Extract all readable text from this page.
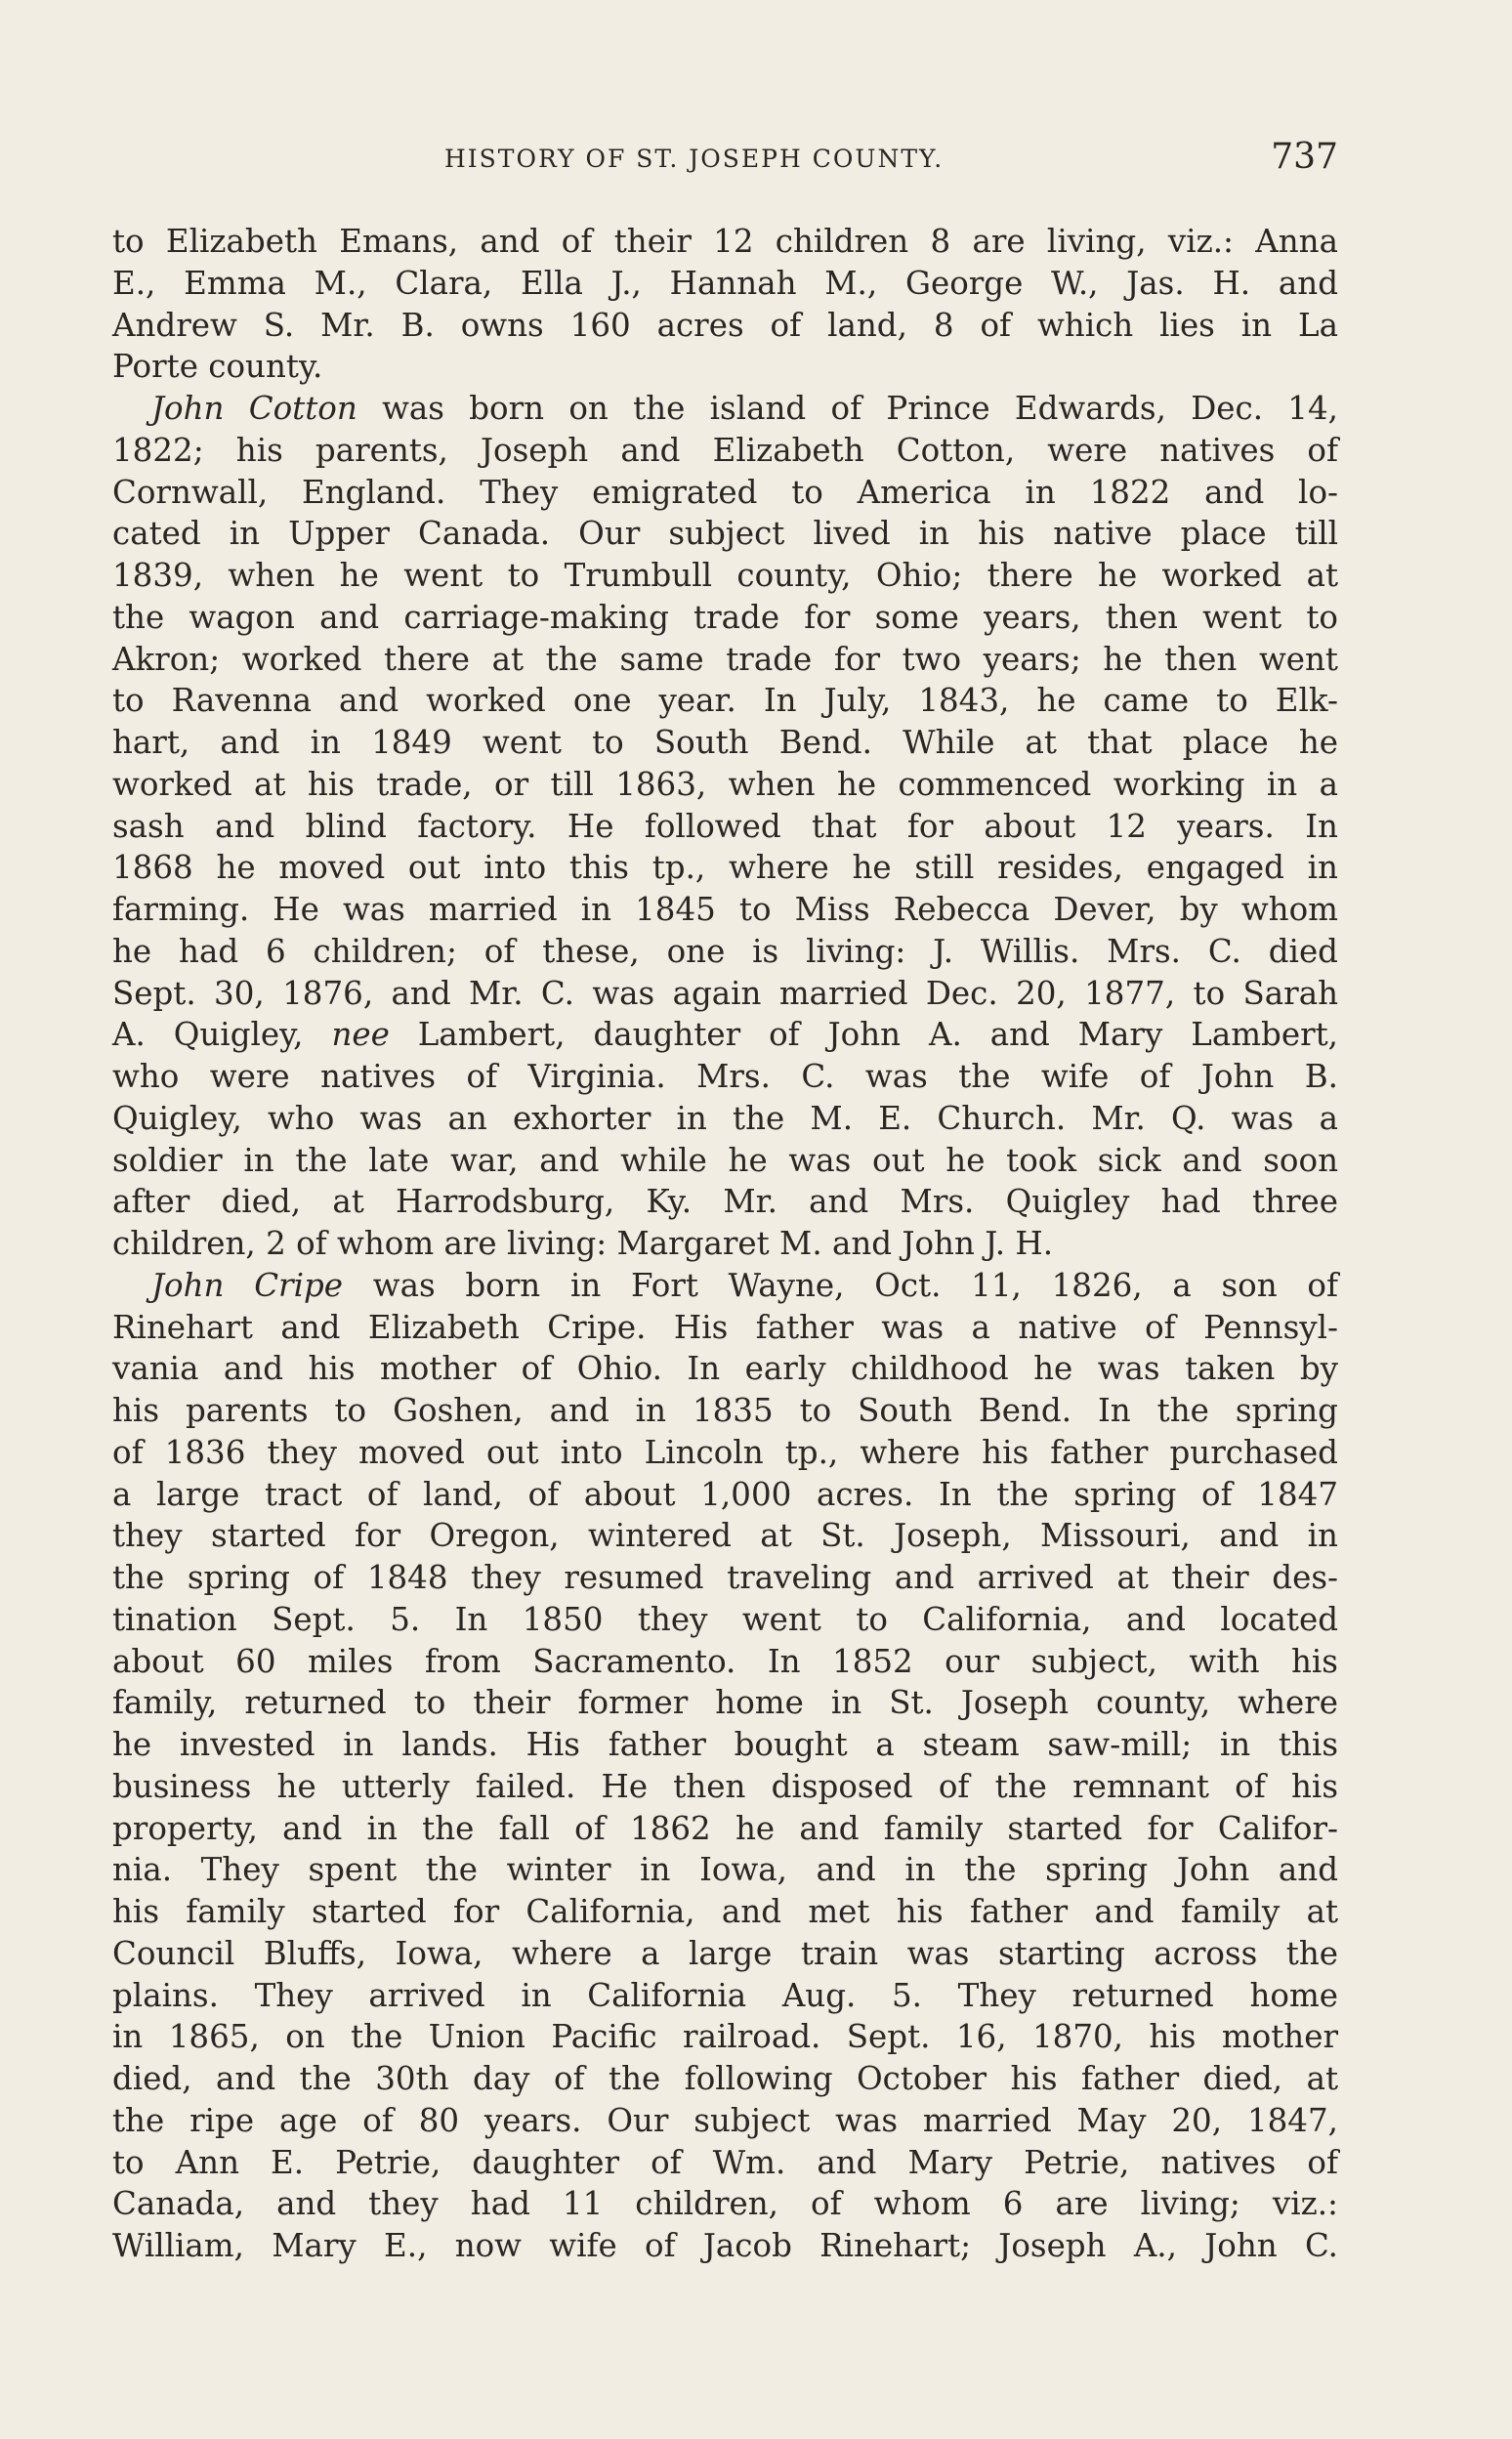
HISTORY OF ST. JOSEPH COUNTY.	737
to Elizabeth Emans, and of their 12 children 8 are living, viz.: Anna
E., Emma M., Clara, Ella J., Hannah M., George W., Jas. H. and
Andrew S. Mr. B. owns 160 acres of land, 8 of which lies in La
Porte county.
John Cotton was born on the island of Prince Edwards, Dec. 14,
1822; his parents, Joseph and Elizabeth Cotton, were natives of
Cornwall, England. They emigrated to America in 1822 and lo-
cated in Upper Canada. Our subject lived in his native place till
1839, when he went to Trumbull county, Ohio; there he worked at
the wagon and carriage-making trade for some years, then went to
Akron; worked there at the same trade for two years; he then went
to Ravenna and worked one year. In July, 1843, he came to Elk-
hart, and in 1849 went to South Bend. While at that place he
worked at his trade, or till 1863, when he commenced working in a
sash and blind factory. He followed that for about 12 years. In
1868 he moved out into this tp., where he still resides, engaged in
farming. He was married in 1845 to Miss Rebecca Dever, by whom
he had 6 children; of these, one is living: J. Willis. Mrs. C. died
Sept. 30, 1876, and Mr. C. was again married Dec. 20, 1877, to Sarah
A. Quigley, nee Lambert, daughter of John A. and Mary Lambert,
who were natives of Virginia. Mrs. C. was the wife of John B.
Quigley, who was an exhorter in the M. E. Church. Mr. Q. was a
soldier in the late war, and while he was out he took sick and soon
after died, at Harrodsburg, Ky. Mr. and Mrs. Quigley had three
children, 2 of whom are living: Margaret M. and John J. H.
John Cripe was born in Fort Wayne, Oct. 11, 1826, a son of
Rinehart and Elizabeth Cripe. His father was a native of Pennsyl-
vania and his mother of Ohio. In early childhood he was taken by
his parents to Goshen, and in 1835 to South Bend. In the spring
of 1836 they moved out into Lincoln tp., where his father purchased
a large tract of land, of about 1,000 acres. In the spring of 1847
they started for Oregon, wintered at St. Joseph, Missouri, and in
the spring of 1848 they resumed traveling and arrived at their des-
tination Sept. 5. In 1850 they went to California, and located
about 60 miles from Sacramento. In 1852 our subject, with his
family, returned to their former home in St. Joseph county, where
he invested in lands. His father bought a steam saw-mill; in this
business he utterly failed. He then disposed of the remnant of his
property, and in the fall of 1862 he and family started for Califor-
nia. They spent the winter in Iowa, and in the spring John and
his family started for California, and met his father and family at
Council Bluffs, Iowa, where a large train was starting across the
plains. They arrived in California Aug. 5. They returned home
in 1865, on the Union Pacific railroad. Sept. 16, 1870, his mother
died, and the 30th day of the following October his father died, at
the ripe age of 80 years. Our subject was married May 20, 1847,
to Ann E. Petrie, daughter of Wm. and Mary Petrie, natives of
Canada, and they had 11 children, of whom 6 are living; viz.:
William, Mary E., now wife of Jacob Rinehart; Joseph A., John C.
